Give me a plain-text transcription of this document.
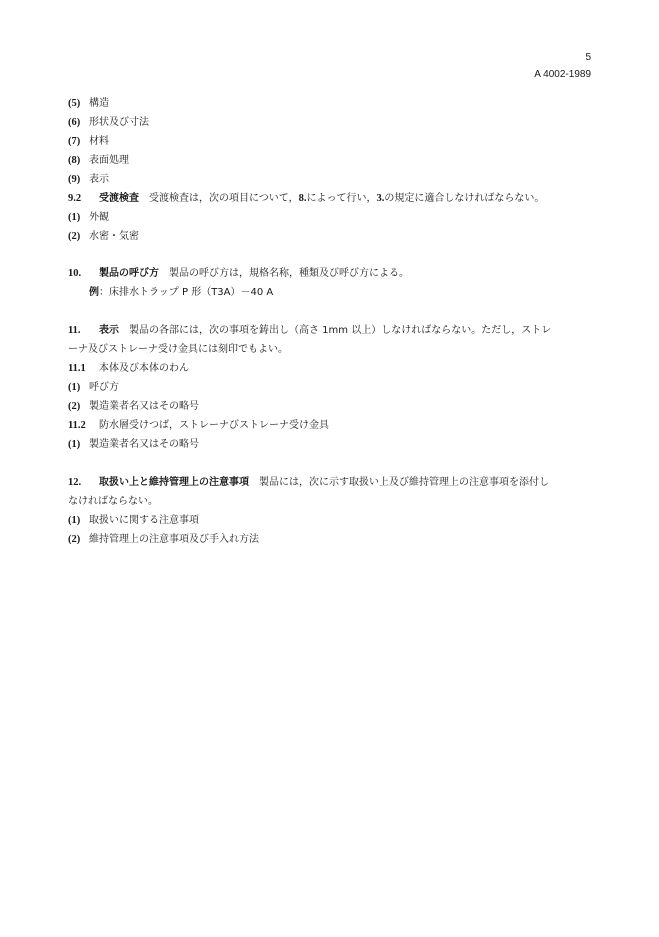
5
A 4002-1989
(5) 構造
(6) 形状及び寸法
(7) 材料
(8) 表面処理
(9) 表示
9.2 受渡検査 受渡検査は，次の項目について，8.によって行い，3.の規定に適合しなければならない。
(1) 外観
(2) 水密・気密
10. 製品の呼び方 製品の呼び方は，規格名称，種類及び呼び方による。
例：床排水トラップ P 形（T3A）－40 A
11. 表示 製品の各部には，次の事項を鋳出し（高さ 1mm 以上）しなければならない。ただし，ストレ
ーナ及びストレーナ受け金具には刻印でもよい。
11.1 本体及び本体のわん
(1) 呼び方
(2) 製造業者名又はその略号
11.2 防水層受けつば，ストレーナびストレーナ受け金具
(1) 製造業者名又はその略号
12. 取扱い上と維持管理上の注意事項 製品には，次に示す取扱い上及び維持管理上の注意事項を添付し
なければならない。
(1) 取扱いに関する注意事項
(2) 維持管理上の注意事項及び手入れ方法
